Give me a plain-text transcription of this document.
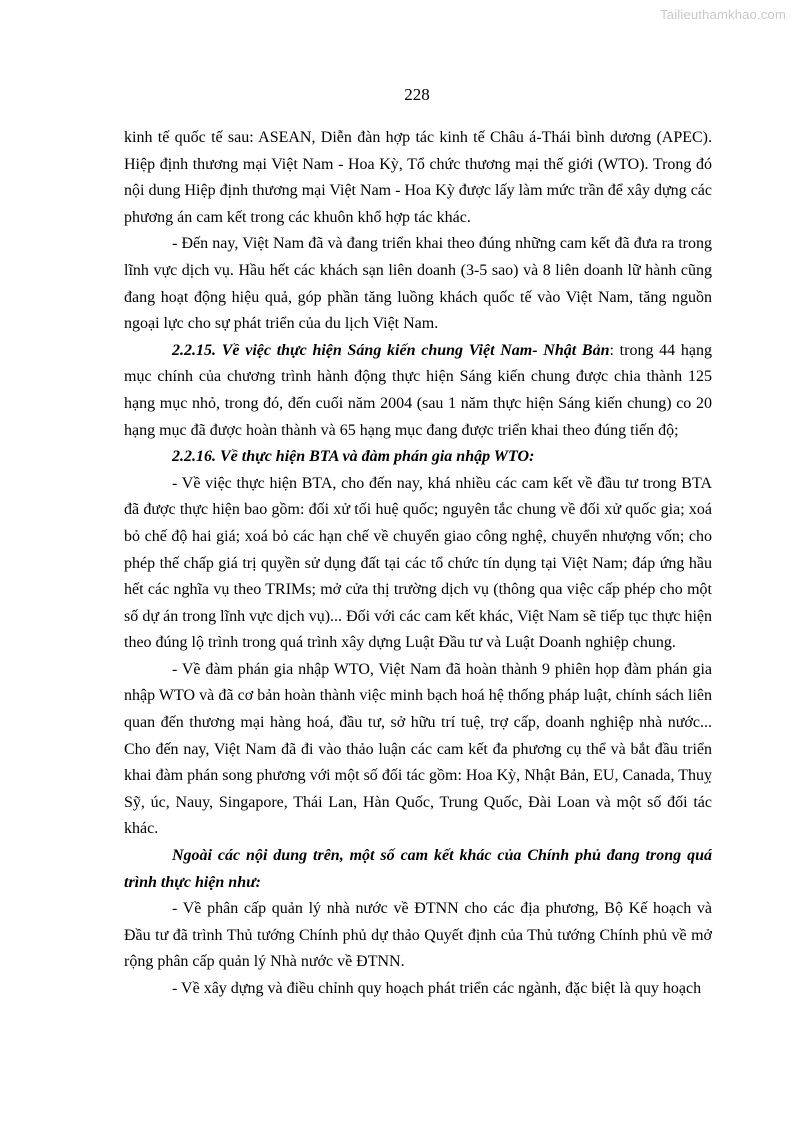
Tailieuthamkhao.com
228

kinh tế quốc tế sau: ASEAN, Diễn đàn hợp tác kinh tế Châu á-Thái bình dương (APEC). Hiệp định thương mại Việt Nam - Hoa Kỳ, Tổ chức thương mại thế giới (WTO). Trong đó nội dung Hiệp định thương mại Việt Nam - Hoa Kỳ được lấy làm mức trần để xây dựng các phương án cam kết trong các khuôn khổ hợp tác khác.

- Đến nay, Việt Nam đã và đang triển khai theo đúng những cam kết đã đưa ra trong lĩnh vực dịch vụ. Hầu hết các khách sạn liên doanh (3-5 sao) và 8 liên doanh lữ hành cũng đang hoạt động hiệu quả, góp phần tăng luồng khách quốc tế vào Việt Nam, tăng nguồn ngoại lực cho sự phát triển của du lịch Việt Nam.

2.2.15. Về việc thực hiện Sáng kiến chung Việt Nam- Nhật Bản: trong 44 hạng mục chính của chương trình hành động thực hiện Sáng kiến chung được chia thành 125 hạng mục nhỏ, trong đó, đến cuối năm 2004 (sau 1 năm thực hiện Sáng kiến chung) co 20 hạng mục đã được hoàn thành và 65 hạng mục đang được triển khai theo đúng tiến độ;

2.2.16. Về thực hiện BTA và đàm phán gia nhập WTO:

- Về việc thực hiện BTA, cho đến nay, khá nhiều các cam kết về đầu tư trong BTA đã được thực hiện bao gồm: đối xử tối huệ quốc; nguyên tắc chung về đối xử quốc gia; xoá bỏ chế độ hai giá; xoá bỏ các hạn chế về chuyển giao công nghệ, chuyển nhượng vốn; cho phép thế chấp giá trị quyền sử dụng đất tại các tổ chức tín dụng tại Việt Nam; đáp ứng hầu hết các nghĩa vụ theo TRIMs; mở cửa thị trường dịch vụ (thông qua việc cấp phép cho một số dự án trong lĩnh vực dịch vụ)... Đối với các cam kết khác, Việt Nam sẽ tiếp tục thực hiện theo đúng lộ trình trong quá trình xây dựng Luật Đầu tư và Luật Doanh nghiệp chung.

- Về đàm phán gia nhập WTO, Việt Nam đã hoàn thành 9 phiên họp đàm phán gia nhập WTO và đã cơ bản hoàn thành việc minh bạch hoá hệ thống pháp luật, chính sách liên quan đến thương mại hàng hoá, đầu tư, sở hữu trí tuệ, trợ cấp, doanh nghiệp nhà nước... Cho đến nay, Việt Nam đã đi vào thảo luận các cam kết đa phương cụ thể và bắt đầu triển khai đàm phán song phương với một số đối tác gồm: Hoa Kỳ, Nhật Bản, EU, Canada, Thuỵ Sỹ, úc, Nauy, Singapore, Thái Lan, Hàn Quốc, Trung Quốc, Đài Loan và một số đối tác khác.

Ngoài các nội dung trên, một số cam kết khác của Chính phủ đang trong quá trình thực hiện như:

- Về phân cấp quản lý nhà nước về ĐTNN cho các địa phương, Bộ Kế hoạch và Đầu tư đã trình Thủ tướng Chính phủ dự thảo Quyết định của Thủ tướng Chính phủ về mở rộng phân cấp quản lý Nhà nước về ĐTNN.

- Về xây dựng và điều chỉnh quy hoạch phát triển các ngành, đặc biệt là quy hoạch
